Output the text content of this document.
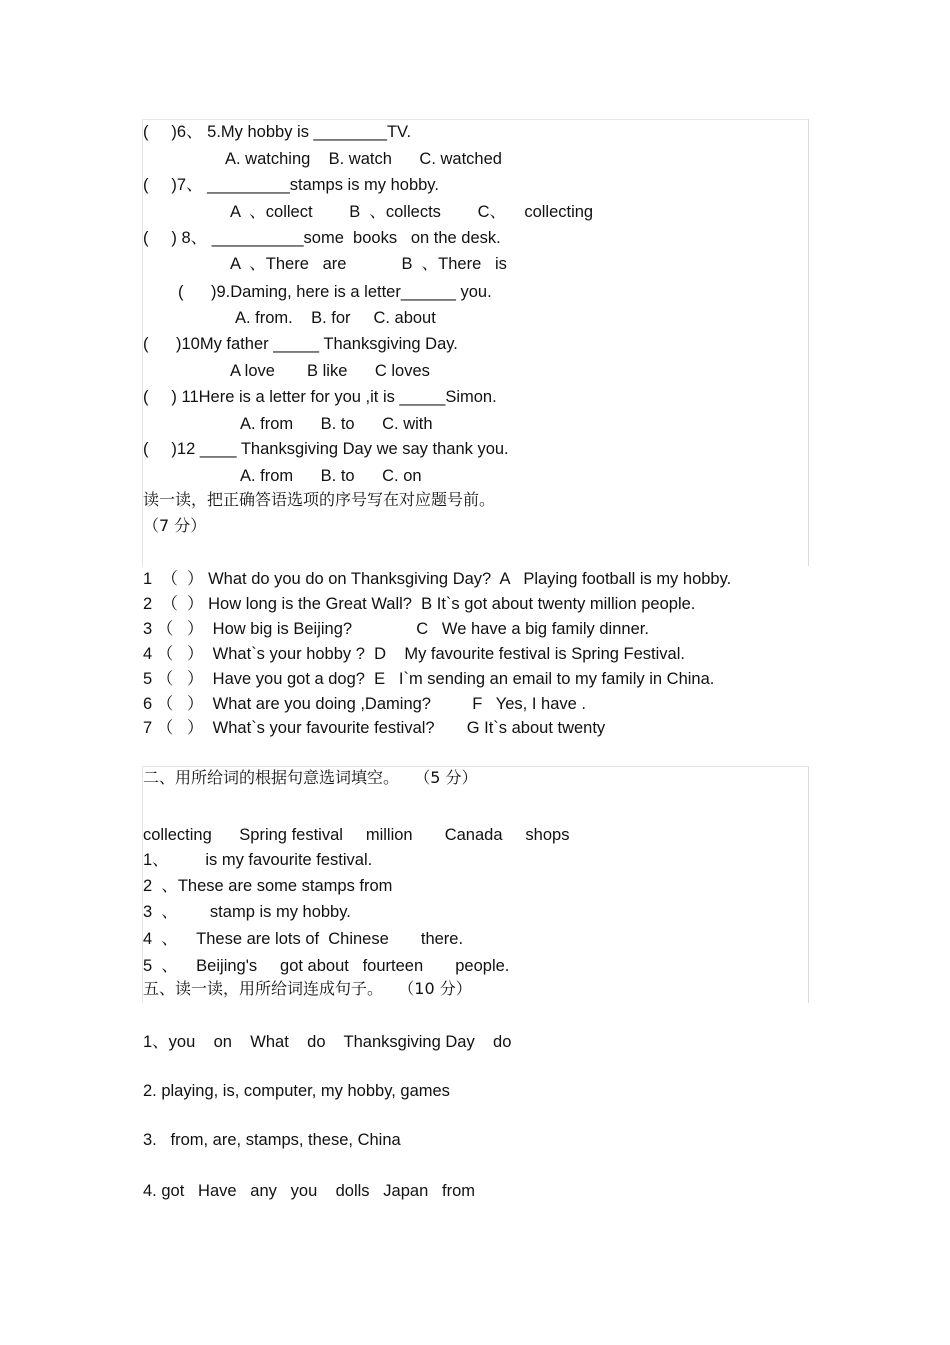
(     )6、 5.My hobby is ________TV.
A. watching    B. watch      C. watched
(     )7、 _________stamps is my hobby.
A  、collect        B  、collects        C、    collecting
(     ) 8、 __________some  books   on the desk.
A  、There   are            B  、There   is
(      )9.Daming, here is a letter______ you.
A. from.    B. for     C. about
(      )10My father _____ Thanksgiving Day.
A love       B like      C loves
(     ) 11Here is a letter for you ,it is _____Simon.
A. from      B. to      C. with
(     )12 ____ Thanksgiving Day we say thank you.
A. from      B. to      C. on
读一读，把正确答语选项的序号写在对应题号前。
（7 分）
1  （  ） What do you do on Thanksgiving Day?  A   Playing football is my hobby.
2  （  ） How long is the Great Wall?  B It`s got about twenty million people.
3 （   ）  How big is Beijing?              C   We have a big family dinner.
4 （   ）  What`s your hobby ?  D    My favourite festival is Spring Festival.
5 （   ）  Have you got a dog?  E   I`m sending an email to my family in China.
6 （   ）  What are you doing ,Daming?         F   Yes, I have .
7 （   ）  What`s your favourite festival?       G It`s about twenty
二、用所给词的根据句意选词填空。   （5 分）
collecting      Spring festival     million       Canada     shops
1、        is my favourite festival.
2  、These are some stamps from
3  、       stamp is my hobby.
4  、    These are lots of  Chinese       there.
5  、    Beijing's     got about   fourteen       people.
五、读一读，用所给词连成句子。   （10 分）
1、you    on    What    do    Thanksgiving Day    do
2. playing, is, computer, my hobby, games
3.   from, are, stamps, these, China
4. got   Have   any   you    dolls   Japan   from
